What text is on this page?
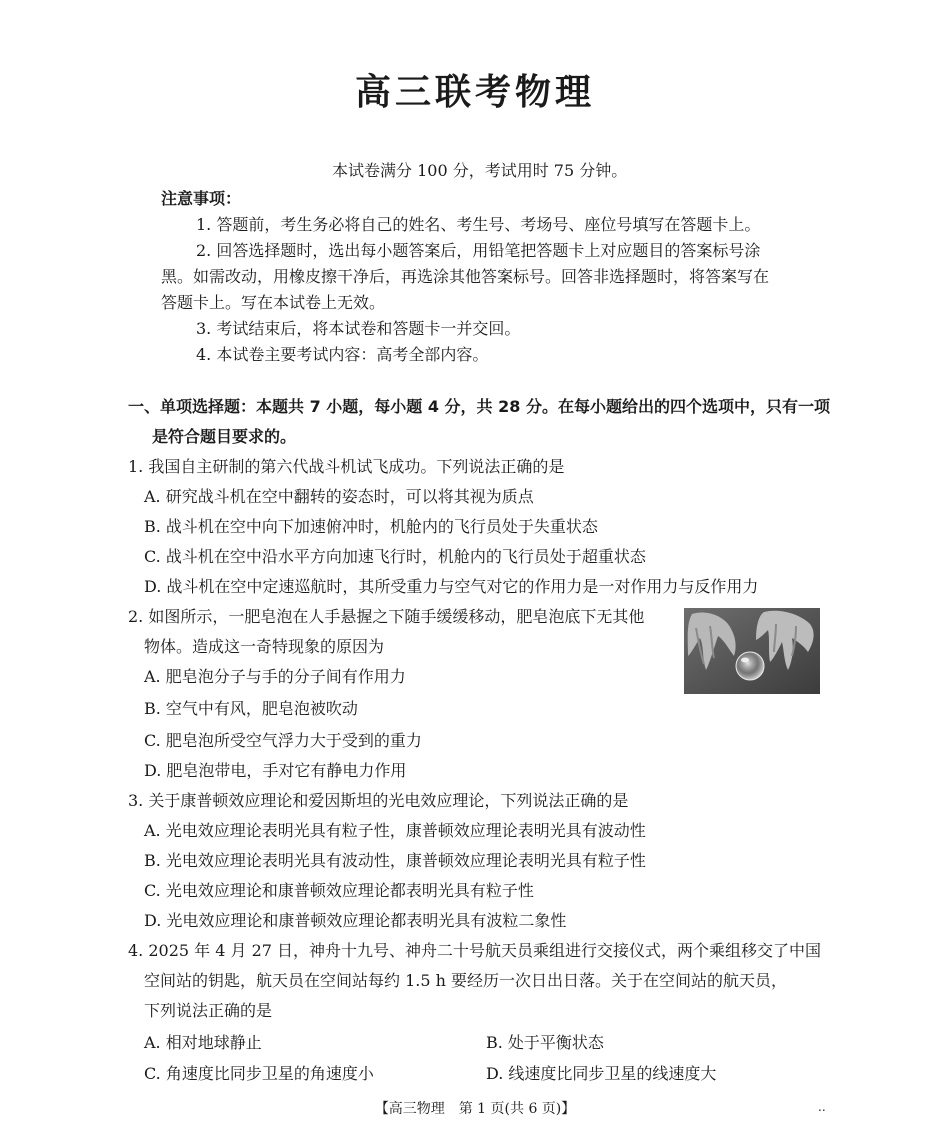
高三联考物理
本试卷满分 100 分，考试用时 75 分钟。
注意事项：
1. 答题前，考生务必将自己的姓名、考生号、考场号、座位号填写在答题卡上。
2. 回答选择题时，选出每小题答案后，用铅笔把答题卡上对应题目的答案标号涂
黑。如需改动，用橡皮擦干净后，再选涂其他答案标号。回答非选择题时，将答案写在
答题卡上。写在本试卷上无效。
3. 考试结束后，将本试卷和答题卡一并交回。
4. 本试卷主要考试内容：高考全部内容。
一、单项选择题：本题共 7 小题，每小题 4 分，共 28 分。在每小题给出的四个选项中，只有一项
是符合题目要求的。
1. 我国自主研制的第六代战斗机试飞成功。下列说法正确的是
A. 研究战斗机在空中翻转的姿态时，可以将其视为质点
B. 战斗机在空中向下加速俯冲时，机舱内的飞行员处于失重状态
C. 战斗机在空中沿水平方向加速飞行时，机舱内的飞行员处于超重状态
D. 战斗机在空中定速巡航时，其所受重力与空气对它的作用力是一对作用力与反作用力
2. 如图所示，一肥皂泡在人手悬握之下随手缓缓移动，肥皂泡底下无其他
物体。造成这一奇特现象的原因为
A. 肥皂泡分子与手的分子间有作用力
B. 空气中有风，肥皂泡被吹动
C. 肥皂泡所受空气浮力大于受到的重力
D. 肥皂泡带电，手对它有静电力作用
3. 关于康普顿效应理论和爱因斯坦的光电效应理论，下列说法正确的是
A. 光电效应理论表明光具有粒子性，康普顿效应理论表明光具有波动性
B. 光电效应理论表明光具有波动性，康普顿效应理论表明光具有粒子性
C. 光电效应理论和康普顿效应理论都表明光具有粒子性
D. 光电效应理论和康普顿效应理论都表明光具有波粒二象性
4. 2025 年 4 月 27 日，神舟十九号、神舟二十号航天员乘组进行交接仪式，两个乘组移交了中国
空间站的钥匙，航天员在空间站每约 1.5 h 要经历一次日出日落。关于在空间站的航天员，
下列说法正确的是
A. 相对地球静止	B. 处于平衡状态
C. 角速度比同步卫星的角速度小	D. 线速度比同步卫星的线速度大
【高三物理　第 1 页(共 6 页)】	..
